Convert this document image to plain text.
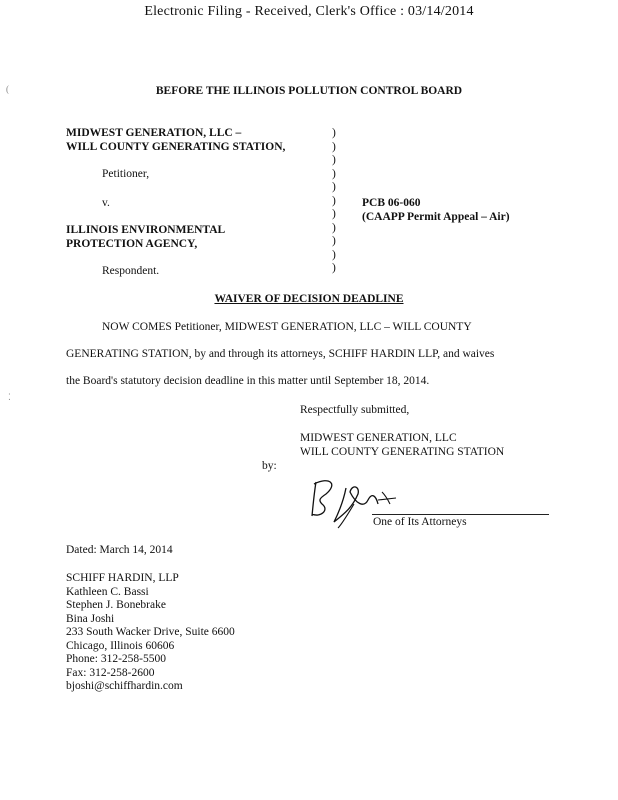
Electronic Filing - Received, Clerk's Office : 03/14/2014
(
⁚
BEFORE THE ILLINOIS POLLUTION CONTROL BOARD
MIDWEST GENERATION, LLC –
WILL COUNTY GENERATING STATION,
Petitioner,
v.
ILLINOIS ENVIRONMENTAL
PROTECTION AGENCY,
Respondent.
)
)
)
)
)
)
)
)
)
)
)
PCB 06-060
(CAAPP Permit Appeal – Air)
WAIVER OF DECISION DEADLINE
NOW COMES Petitioner, MIDWEST GENERATION, LLC – WILL COUNTY
GENERATING STATION, by and through its attorneys, SCHIFF HARDIN LLP, and waives
the Board's statutory decision deadline in this matter until September 18, 2014.
Respectfully submitted,
MIDWEST GENERATION, LLC
WILL COUNTY GENERATING STATION
by:
One of Its Attorneys
Dated: March 14, 2014
SCHIFF HARDIN, LLP
Kathleen C. Bassi
Stephen J. Bonebrake
Bina Joshi
233 South Wacker Drive, Suite 6600
Chicago, Illinois 60606
Phone: 312-258-5500
Fax: 312-258-2600
bjoshi@schiffhardin.com
